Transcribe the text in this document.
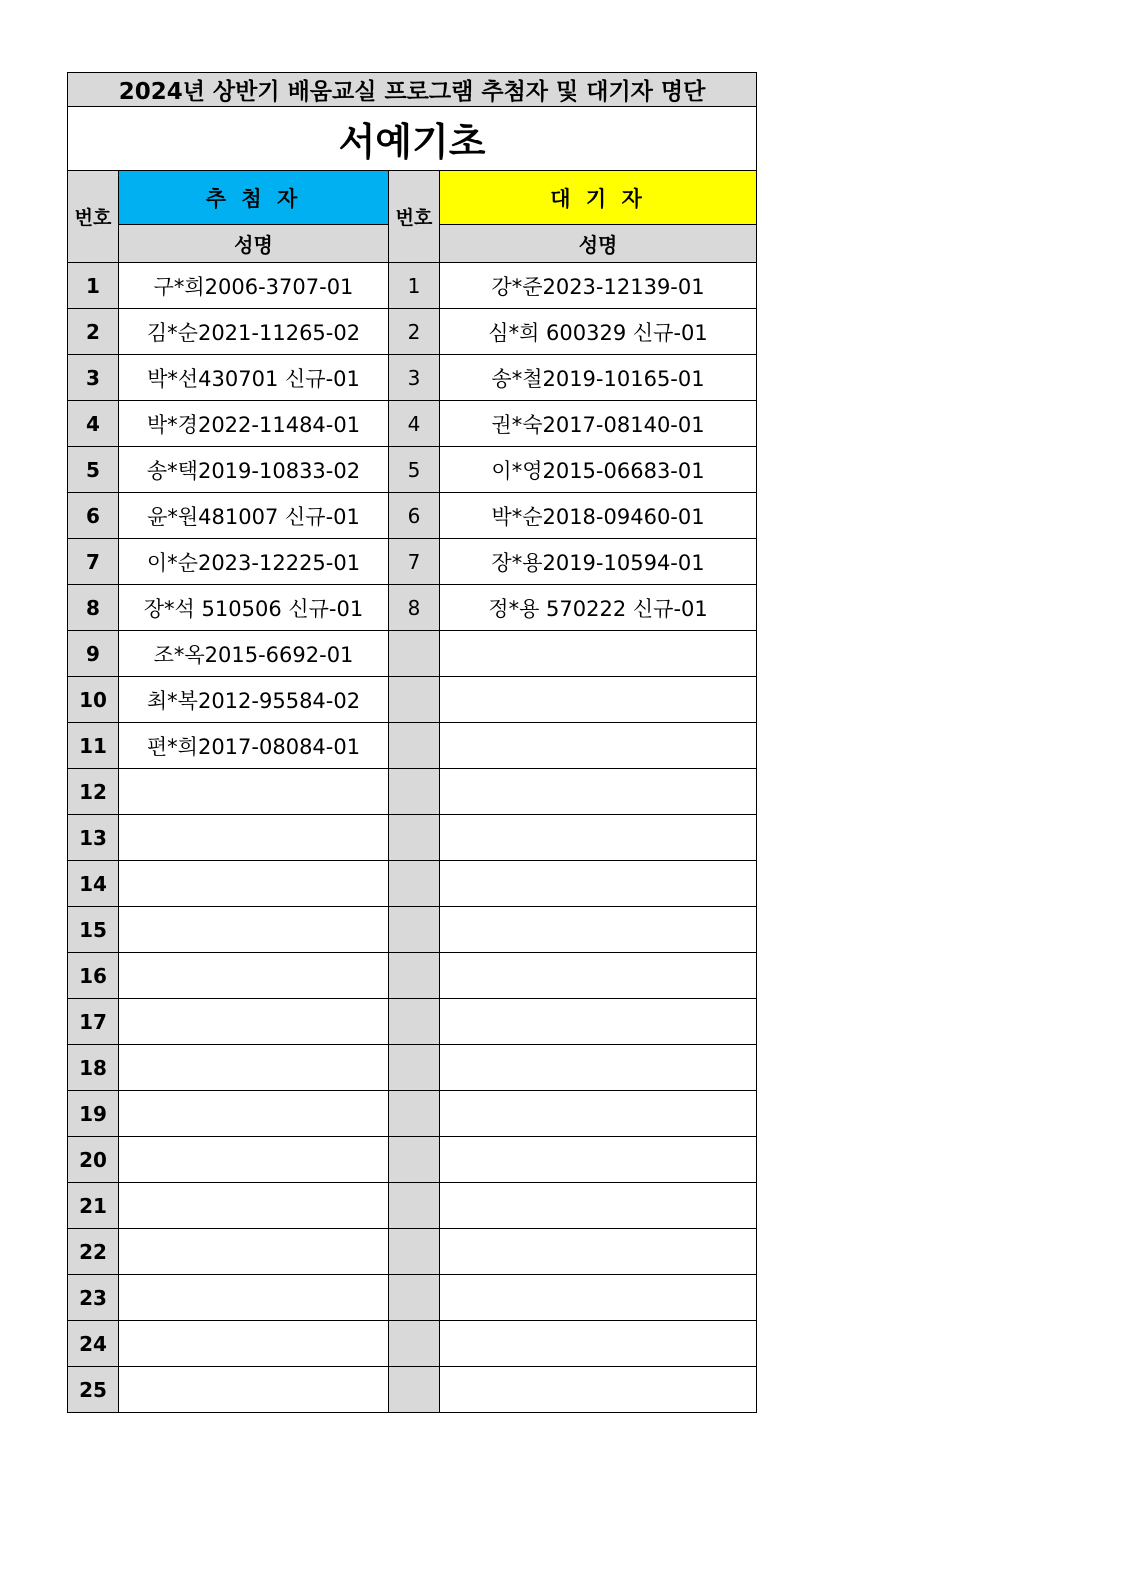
2024년 상반기 배움교실 프로그램 추첨자 및 대기자 명단			
서예기초			
번호	추 첨 자	번호	대 기 자
	성명		성명
1	구*희2006-3707-01	1	강*준2023-12139-01
2	김*순2021-11265-02	2	심*희 600329 신규-01
3	박*선430701 신규-01	3	송*철2019-10165-01
4	박*경2022-11484-01	4	권*숙2017-08140-01
5	송*택2019-10833-02	5	이*영2015-06683-01
6	윤*원481007 신규-01	6	박*순2018-09460-01
7	이*순2023-12225-01	7	장*용2019-10594-01
8	장*석 510506 신규-01	8	정*용 570222 신규-01
9	조*옥2015-6692-01		
10	최*복2012-95584-02		
11	편*희2017-08084-01		
12			
13			
14			
15			
16			
17			
18			
19			
20			
21			
22			
23			
24			
25			
